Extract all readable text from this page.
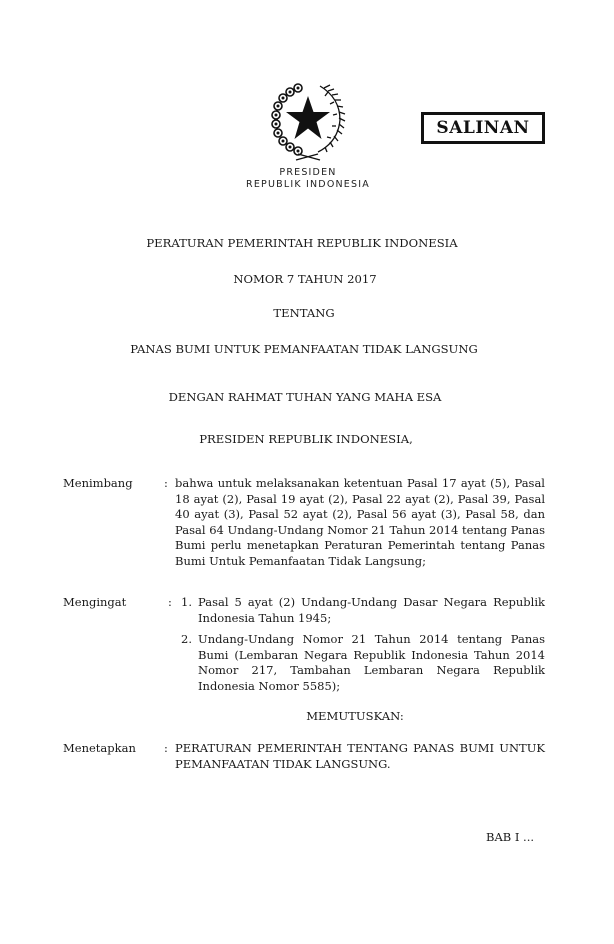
SALINAN
PRESIDEN
REPUBLIK INDONESIA
PERATURAN PEMERINTAH REPUBLIK INDONESIA
NOMOR 7 TAHUN 2017
TENTANG
PANAS BUMI UNTUK PEMANFAATAN TIDAK LANGSUNG
DENGAN RAHMAT TUHAN YANG MAHA ESA
PRESIDEN REPUBLIK INDONESIA,
Menimbang	: bahwa untuk melaksanakan ketentuan Pasal 17 ayat (5), Pasal 18 ayat (2), Pasal 19 ayat (2), Pasal 22 ayat (2), Pasal 39, Pasal 40 ayat (3), Pasal 52 ayat (2), Pasal 56 ayat (3), Pasal 58, dan Pasal 64 Undang-Undang Nomor 21 Tahun 2014 tentang Panas Bumi perlu menetapkan Peraturan Pemerintah tentang Panas Bumi Untuk Pemanfaatan Tidak Langsung;
Mengingat	: 1. Pasal 5 ayat (2) Undang-Undang Dasar Negara Republik Indonesia Tahun 1945;
2. Undang-Undang Nomor 21 Tahun 2014 tentang Panas Bumi (Lembaran Negara Republik Indonesia Tahun 2014 Nomor 217, Tambahan Lembaran Negara Republik Indonesia Nomor 5585);
MEMUTUSKAN:
Menetapkan	: PERATURAN PEMERINTAH TENTANG PANAS BUMI UNTUK PEMANFAATAN TIDAK LANGSUNG.
BAB I ...
